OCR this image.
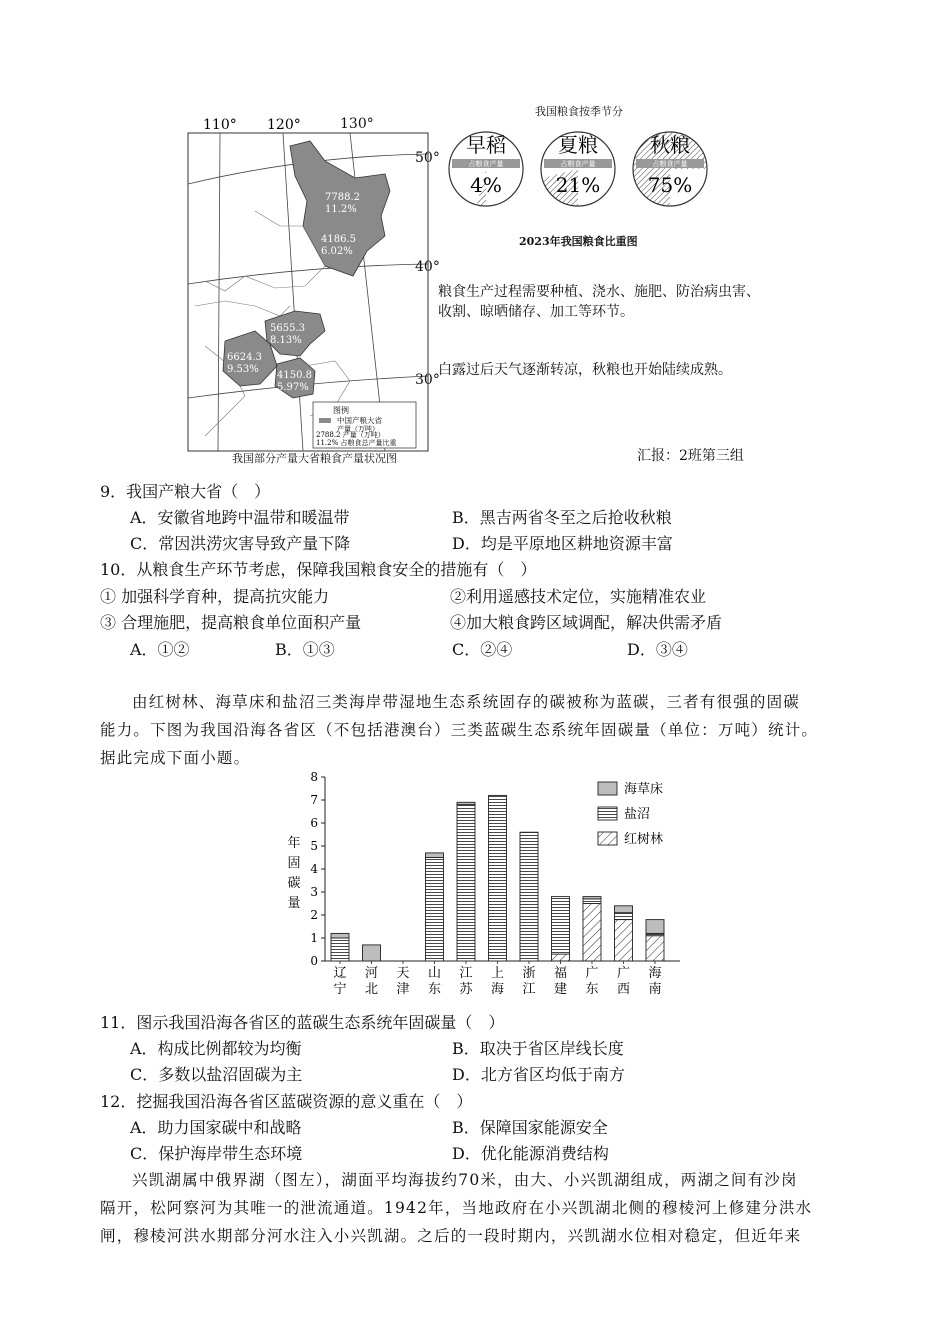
7788.2
11.2%
4186.5
6.02%
5655.3
8.13%
6624.3
9.53%
4150.8
5.97%
110° 120°
图例
中国产粮大省
产量（万吨）
2788.2 产量（万吨）
11.2% 占粮食总产量比重
130°
50°
40°
30°
我国部分产量大省粮食产量状况图
我国粮食按季节分
占粮食产量
早稻
4%
占粮食产量
夏粮
21%
占粮食产量
秋粮
75%
2023年我国粮食比重图
粮食生产过程需要种植、浇水、施肥、防治病虫害、
收割、晾晒储存、加工等环节。
白露过后天气逐渐转凉，秋粮也开始陆续成熟。
汇报：2班第三组
9．我国产粮大省（　）
A．安徽省地跨中温带和暖温带	B．黑吉两省冬至之后抢收秋粮
C．常因洪涝灾害导致产量下降	D．均是平原地区耕地资源丰富
10．从粮食生产环节考虑，保障我国粮食安全的措施有（　）
① 加强科学育种，提高抗灾能力	②利用遥感技术定位，实施精准农业
③ 合理施肥，提高粮食单位面积产量	④加大粮食跨区域调配，解决供需矛盾
A．①②	B．①③	C．②④	D．③④
由红树林、海草床和盐沼三类海岸带湿地生态系统固存的碳被称为蓝碳，三者有很强的固碳
能力。下图为我国沿海各省区（不包括港澳台）三类蓝碳生态系统年固碳量（单位：万吨）统计。
据此完成下面小题。
0
1
2
3
4
5
6
7
8
年
固
碳
量
辽
宁
河
北
天
津
山
东
江
苏
上
海
浙
江
福
建
广
东
广
西
海
南
海草床
盐沼
红树林
11．图示我国沿海各省区的蓝碳生态系统年固碳量（　）
A．构成比例都较为均衡	B．取决于省区岸线长度
C．多数以盐沼固碳为主	D．北方省区均低于南方
12．挖掘我国沿海各省区蓝碳资源的意义重在（　）
A．助力国家碳中和战略	B．保障国家能源安全
C．保护海岸带生态环境	D．优化能源消费结构
兴凯湖属中俄界湖（图左），湖面平均海拔约70米，由大、小兴凯湖组成，两湖之间有沙岗
隔开，松阿察河为其唯一的泄流通道。1942年，当地政府在小兴凯湖北侧的穆棱河上修建分洪水
闸，穆棱河洪水期部分河水注入小兴凯湖。之后的一段时期内，兴凯湖水位相对稳定，但近年来
